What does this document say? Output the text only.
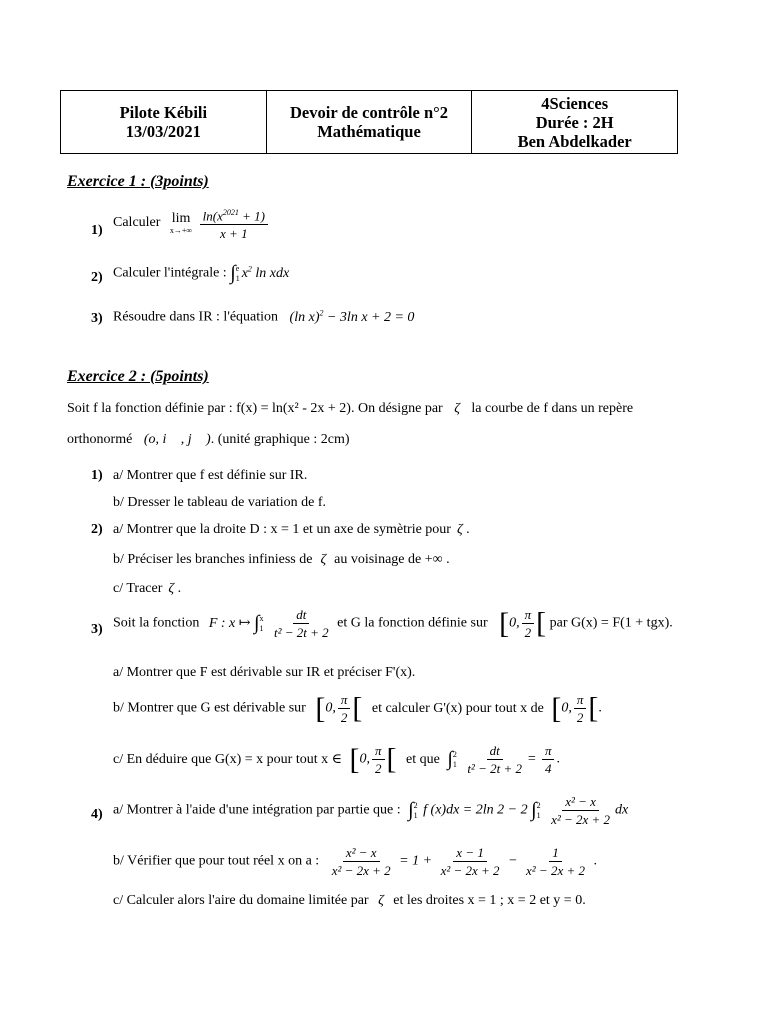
Pilote Kébili
13/03/2021
Devoir de contrôle n°2
Mathématique
4Sciences
Durée : 2H
Ben Abdelkader
Exercice 1 : (3points)
1)
Calculer lim
x→+∞
$\frac{\ln(x^{2021} + 1)}{x + 1}$
2) Calculer l'intégrale : ∫ e
1 $x^2$ ln xdx
3) Résoudre dans IR : l'équation (ln x)$^2$ − 3ln x + 2 = 0
Exercice 2 : (5points)
Soit f la fonction définie par : f(x) = ln(x² - 2x + 2). On désigne par ζ la courbe de f dans un repère
orthonormé (o, i⃗ , j⃗ ). (unité graphique : 2cm)
1) a/ Montrer que f est définie sur IR.
b/ Dresser le tableau de variation de f.
2) a/ Montrer que la droite D : x = 1 et un axe de symètrie pour ζ .
b/ Préciser les branches infiniess de ζ au voisinage de +∞ .
c/ Tracer ζ .
3) Soit la fonction F : x ↦ ∫ x
1
$\frac{dt}{\text{t² − 2t + 2}}$ et G la fonction définie sur [0, $\frac{\pi}{2}$ [ par G(x) = F(1 + tgx).
a/ Montrer que F est dérivable sur IR et préciser F'(x).
b/ Montrer que G est dérivable sur [0, $\frac{\pi}{2}$ [ et calculer G'(x) pour tout x de [0, $\frac{\pi}{2}$ [.
c/ En déduire que G(x) = x pour tout x ∈ [0, $\frac{\pi}{2}$ [ et que ∫ 2
1
$\frac{dt}{\text{t² − 2t + 2}} = \frac{\pi}{4}$ .
4) a/ Montrer à l'aide d'une intégration par partie que : ∫ 2
1 f (x)dx = 2ln 2 − 2 ∫ 2
1
$\frac{\text{x² − x}}{\text{x² − 2x + 2}}$ dx
b/ Vérifier que pour tout réel x on a : $\frac{\text{x² − x}}{\text{x² − 2x + 2}} = 1 + \frac{x - 1}{\text{x² − 2x + 2}} - \frac{1}{\text{x² − 2x + 2}}$ .
c/ Calculer alors l'aire du domaine limitée par ζ et les droites x = 1 ; x = 2 et y = 0.
